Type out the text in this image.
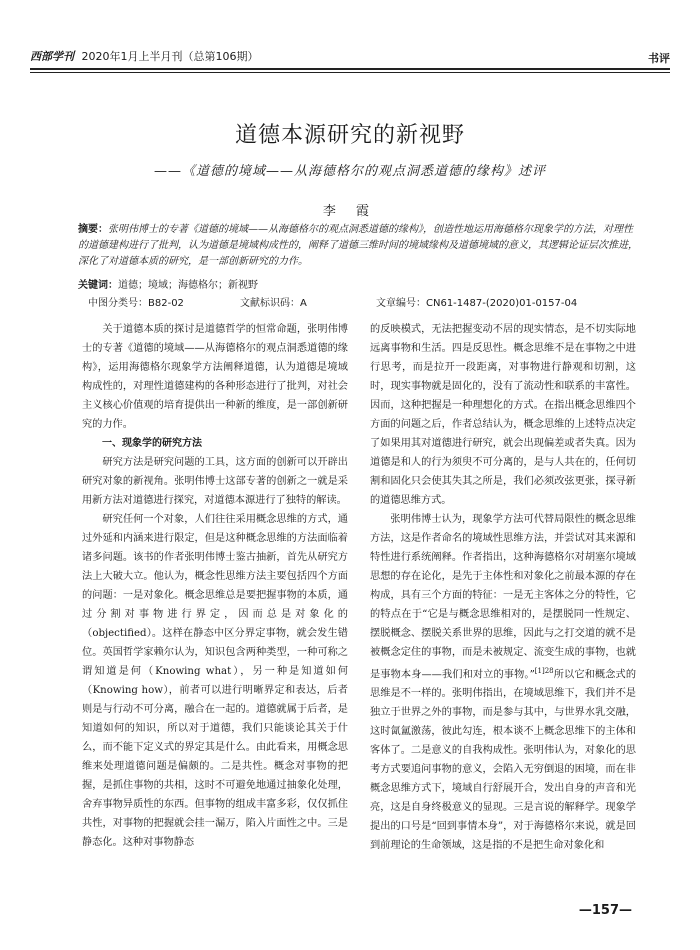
西部学刊 2020年1月上半月刊（总第106期）	书评
道德本源研究的新视野
——《道德的境域——从海德格尔的观点洞悉道德的缘构》述评
李 霞
摘要：张明伟博士的专著《道德的境域——从海德格尔的观点洞悉道德的缘构》，创造性地运用海德格尔现象学的方法，对理性的道德建构进行了批判，认为道德是境域构成性的，阐释了道德三维时间的境域缘构及道德境域的意义，其逻辑论证层次推进，深化了对道德本质的研究，是一部创新研究的力作。
关键词：道德；境域；海德格尔；新视野
中图分类号：B82-02	文献标识码：A	文章编号：CN61-1487-(2020)01-0157-04

关于道德本质的探讨是道德哲学的恒常命题，张明伟博士的专著《道德的境域——从海德格尔的观点洞悉道德的缘构》，运用海德格尔现象学方法阐释道德，认为道德是境域构成性的，对理性道德建构的各种形态进行了批判，对社会主义核心价值观的培育提供出一种新的维度，是一部创新研究的力作。

一、现象学的研究方法

研究方法是研究问题的工具，这方面的创新可以开辟出研究对象的新视角。张明伟博士这部专著的创新之一就是采用新方法对道德进行探究，对道德本源进行了独特的解读。

研究任何一个对象，人们往往采用概念思维的方式，通过外延和内涵来进行限定，但是这种概念思维的方法面临着诸多问题。该书的作者张明伟博士鉴古抽新，首先从研究方法上大破大立。他认为，概念性思维方法主要包括四个方面的问题：一是对象化。概念思维总是要把握事物的本质，通过分割对事物进行界定，因而总是对象化的（objectified）。这样在静态中区分界定事物，就会发生错位。英国哲学家赖尔认为，知识包含两种类型，一种可称之谓知道是何（Knowing what），另一种是知道如何（Knowing how），前者可以进行明晰界定和表达，后者则是与行动不可分离，融合在一起的。道德就属于后者，是知道如何的知识，所以对于道德，我们只能谈论其关于什么，而不能下定义式的界定其是什么。由此看来，用概念思维来处理道德问题是偏颇的。二是共性。概念对事物的把握，是抓住事物的共相，这时不可避免地通过抽象化处理，舍弃事物异质性的东西。但事物的组成丰富多彩，仅仅抓住共性，对事物的把握就会挂一漏万，陷入片面性之中。三是静态化。这种对事物静态

的反映模式，无法把握变动不居的现实情态，是不切实际地远离事物和生活。四是反思性。概念思维不是在事物之中进行思考，而是拉开一段距离，对事物进行静观和切割，这时，现实事物就是固化的，没有了流动性和联系的丰富性。因而，这种把握是一种理想化的方式。在指出概念思维四个方面的问题之后，作者总结认为，概念思维的上述特点决定了如果用其对道德进行研究，就会出现偏差或者失真。因为道德是和人的行为须臾不可分离的，是与人共在的，任何切割和固化只会使其失其之所是，我们必须改弦更张，探寻新的道德思维方式。

张明伟博士认为，现象学方法可代替局限性的概念思维方法，这是作者命名的境域性思维方法，并尝试对其来源和特性进行系统阐释。作者指出，这种海德格尔对胡塞尔境域思想的存在论化，是先于主体性和对象化之前最本源的存在构成，具有三个方面的特征：一是无主客体之分的特性，它的特点在于“它是与概念思维相对的，是摆脱同一性规定、摆脱概念、摆脱关系世界的思维，因此与之打交道的就不是被概念定住的事物，而是未被规定、流变生成的事物，也就是事物本身——我们和对立的事物。”$^{[1]28}$所以它和概念式的思维是不一样的。张明伟指出，在境域思维下，我们并不是独立于世界之外的事物，而是参与其中，与世界水乳交融，这时氤氲激荡，彼此勾连，根本谈不上概念思维下的主体和客体了。二是意义的自我构成性。张明伟认为，对象化的思考方式要追问事物的意义，会陷入无穷倒退的困境，而在非概念思维方式下，境域自行舒展开合，发出自身的声音和光亮，这是自身终极意义的显现。三是言说的解释学。现象学提出的口号是“回到事情本身”，对于海德格尔来说，就是回到前理论的生命领域，这是指的不是把生命对象化和

—157—
